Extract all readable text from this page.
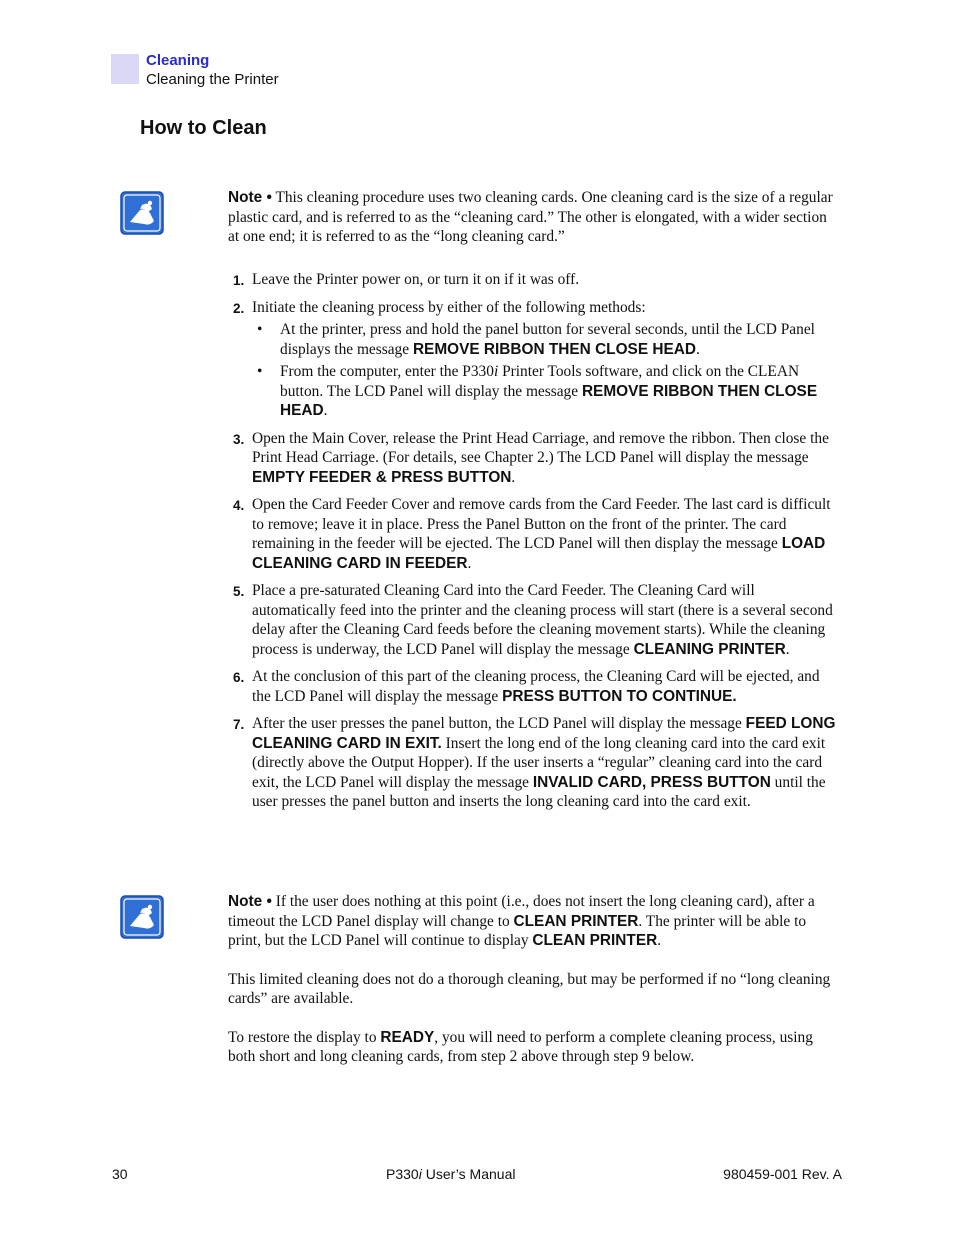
Cleaning
Cleaning the Printer
How to Clean

Note • This cleaning procedure uses two cleaning cards. One cleaning card is the size of a regular plastic card, and is referred to as the “cleaning card.” The other is elongated, with a wider section at one end; it is referred to as the “long cleaning card.”

1. Leave the Printer power on, or turn it on if it was off.
2. Initiate the cleaning process by either of the following methods:
• At the printer, press and hold the panel button for several seconds, until the LCD Panel displays the message REMOVE RIBBON THEN CLOSE HEAD.
• From the computer, enter the P330i Printer Tools software, and click on the CLEAN button. The LCD Panel will display the message REMOVE RIBBON THEN CLOSE HEAD.
3. Open the Main Cover, release the Print Head Carriage, and remove the ribbon. Then close the Print Head Carriage. (For details, see Chapter 2.) The LCD Panel will display the message EMPTY FEEDER & PRESS BUTTON.
4. Open the Card Feeder Cover and remove cards from the Card Feeder. The last card is difficult to remove; leave it in place. Press the Panel Button on the front of the printer. The card remaining in the feeder will be ejected. The LCD Panel will then display the message LOAD CLEANING CARD IN FEEDER.
5. Place a pre-saturated Cleaning Card into the Card Feeder. The Cleaning Card will automatically feed into the printer and the cleaning process will start (there is a several second delay after the Cleaning Card feeds before the cleaning movement starts). While the cleaning process is underway, the LCD Panel will display the message CLEANING PRINTER.
6. At the conclusion of this part of the cleaning process, the Cleaning Card will be ejected, and the LCD Panel will display the message PRESS BUTTON TO CONTINUE.
7. After the user presses the panel button, the LCD Panel will display the message FEED LONG CLEANING CARD IN EXIT. Insert the long end of the long cleaning card into the card exit (directly above the Output Hopper). If the user inserts a “regular” cleaning card into the card exit, the LCD Panel will display the message INVALID CARD, PRESS BUTTON until the user presses the panel button and inserts the long cleaning card into the card exit.

Note • If the user does nothing at this point (i.e., does not insert the long cleaning card), after a timeout the LCD Panel display will change to CLEAN PRINTER. The printer will be able to print, but the LCD Panel will continue to display CLEAN PRINTER.

This limited cleaning does not do a thorough cleaning, but may be performed if no “long cleaning cards” are available.

To restore the display to READY, you will need to perform a complete cleaning process, using both short and long cleaning cards, from step 2 above through step 9 below.

30	P330i User’s Manual	980459-001 Rev. A
